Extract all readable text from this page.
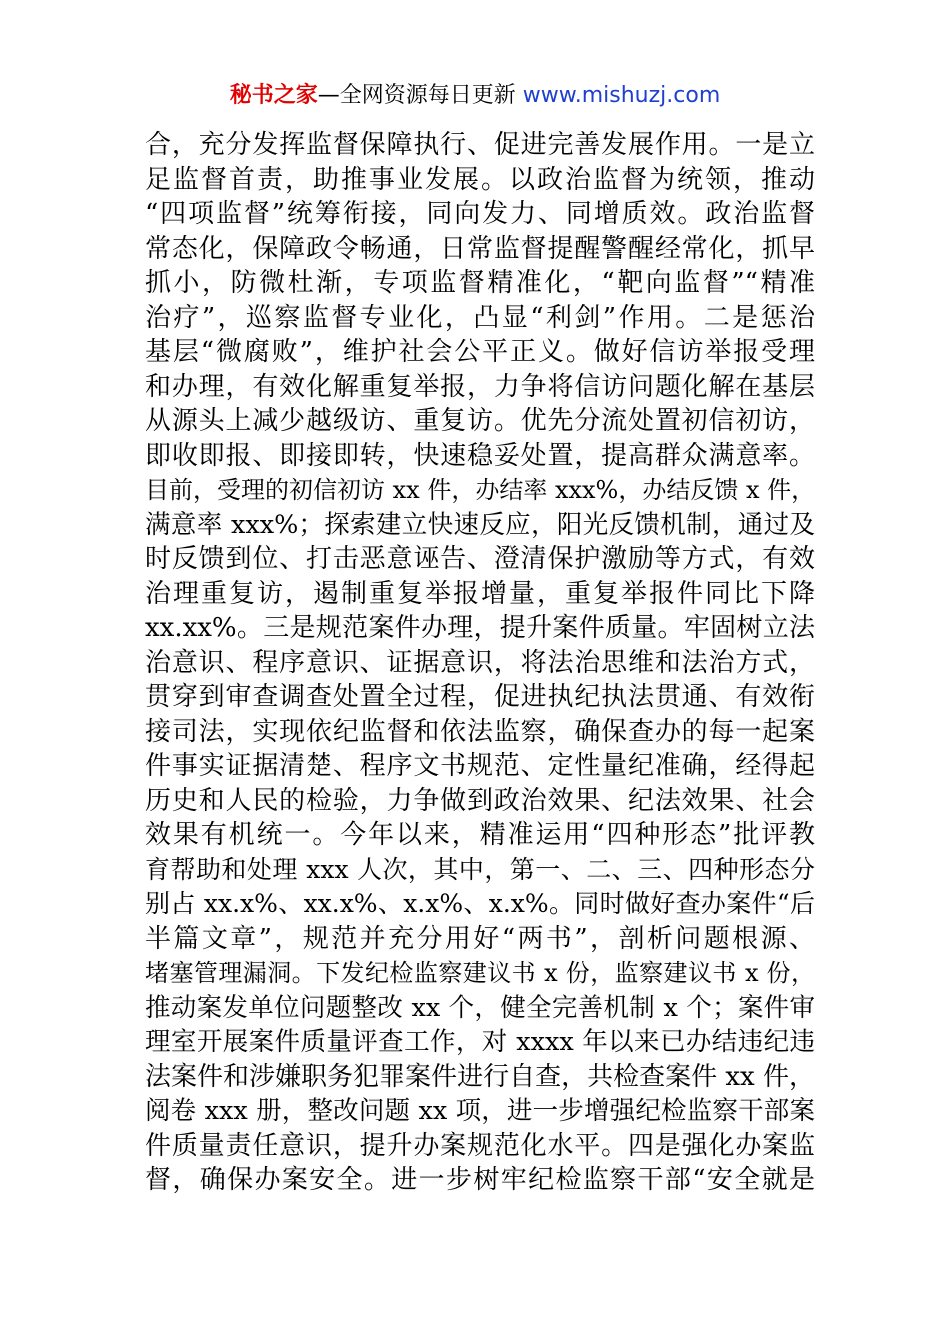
秘书之家—全网资源每日更新 www.mishuzj.com
合，充分发挥监督保障执行、促进完善发展作用。一是立
足监督首责，助推事业发展。以政治监督为统领，推动
“四项监督”统筹衔接，同向发力、同增质效。政治监督
常态化，保障政令畅通，日常监督提醒警醒经常化，抓早
抓小，防微杜渐，专项监督精准化，“靶向监督”“精准
治疗”，巡察监督专业化，凸显“利剑”作用。二是惩治
基层“微腐败”，维护社会公平正义。做好信访举报受理
和办理，有效化解重复举报，力争将信访问题化解在基层
从源头上减少越级访、重复访。优先分流处置初信初访，
即收即报、即接即转，快速稳妥处置，提高群众满意率。
目前，受理的初信初访 xx 件，办结率 xxx%，办结反馈 x 件，
满意率 xxx%；探索建立快速反应，阳光反馈机制，通过及
时反馈到位、打击恶意诬告、澄清保护激励等方式，有效
治理重复访，遏制重复举报增量，重复举报件同比下降
xx.xx%。三是规范案件办理，提升案件质量。牢固树立法
治意识、程序意识、证据意识，将法治思维和法治方式，
贯穿到审查调查处置全过程，促进执纪执法贯通、有效衔
接司法，实现依纪监督和依法监察，确保查办的每一起案
件事实证据清楚、程序文书规范、定性量纪准确，经得起
历史和人民的检验，力争做到政治效果、纪法效果、社会
效果有机统一。今年以来，精准运用“四种形态”批评教
育帮助和处理 xxx 人次，其中，第一、二、三、四种形态分
别占 xx.x%、xx.x%、x.x%、x.x%。同时做好查办案件“后
半篇文章”，规范并充分用好“两书”，剖析问题根源、
堵塞管理漏洞。下发纪检监察建议书 x 份，监察建议书 x 份，
推动案发单位问题整改 xx 个，健全完善机制 x 个；案件审
理室开展案件质量评查工作，对 xxxx 年以来已办结违纪违
法案件和涉嫌职务犯罪案件进行自查，共检查案件 xx 件，
阅卷 xxx 册，整改问题 xx 项，进一步增强纪检监察干部案
件质量责任意识，提升办案规范化水平。四是强化办案监
督，确保办案安全。进一步树牢纪检监察干部“安全就是
